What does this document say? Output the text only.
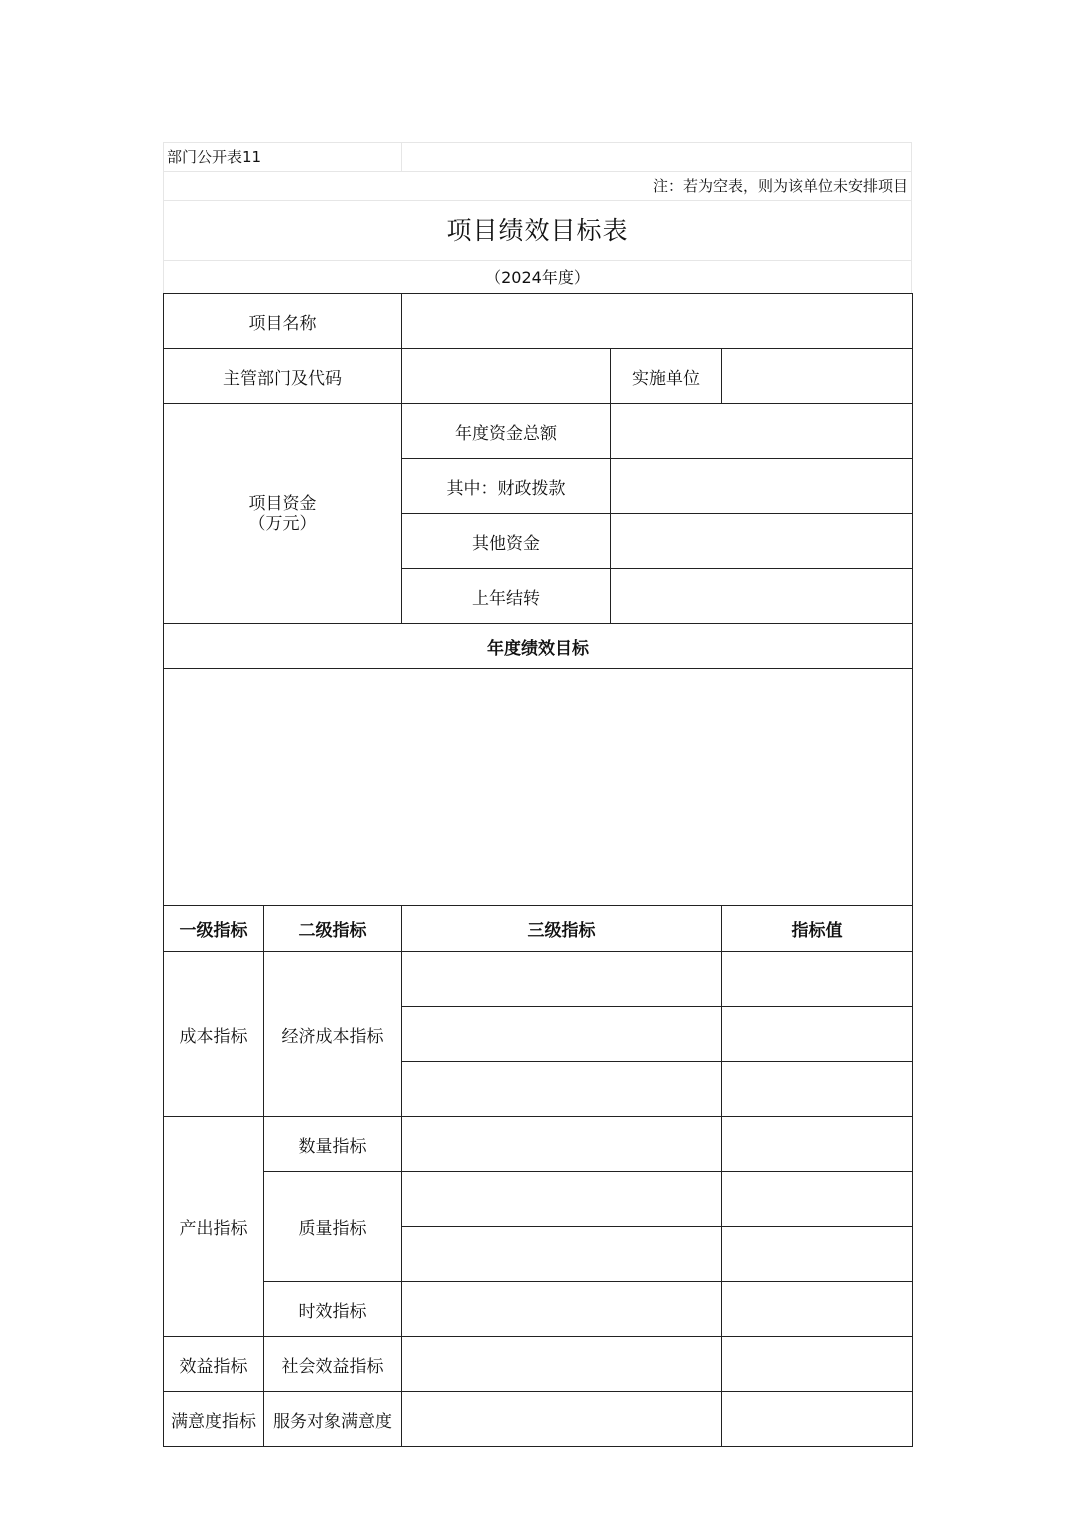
部门公开表11
注：若为空表，则为该单位未安排项目
项目绩效目标表
（2024年度）
项目名称				
主管部门及代码			实施单位	

项目资金
（万元）		年度资金总额		
		其中：财政拨款		
		其他资金		
		上年结转		
年度绩效目标				

一级指标	二级指标	三级指标		指标值
成本指标	经济成本指标			

产出指标	数量指标			
	质量指标			

	时效指标			
效益指标	社会效益指标			
满意度指标	服务对象满意度			
